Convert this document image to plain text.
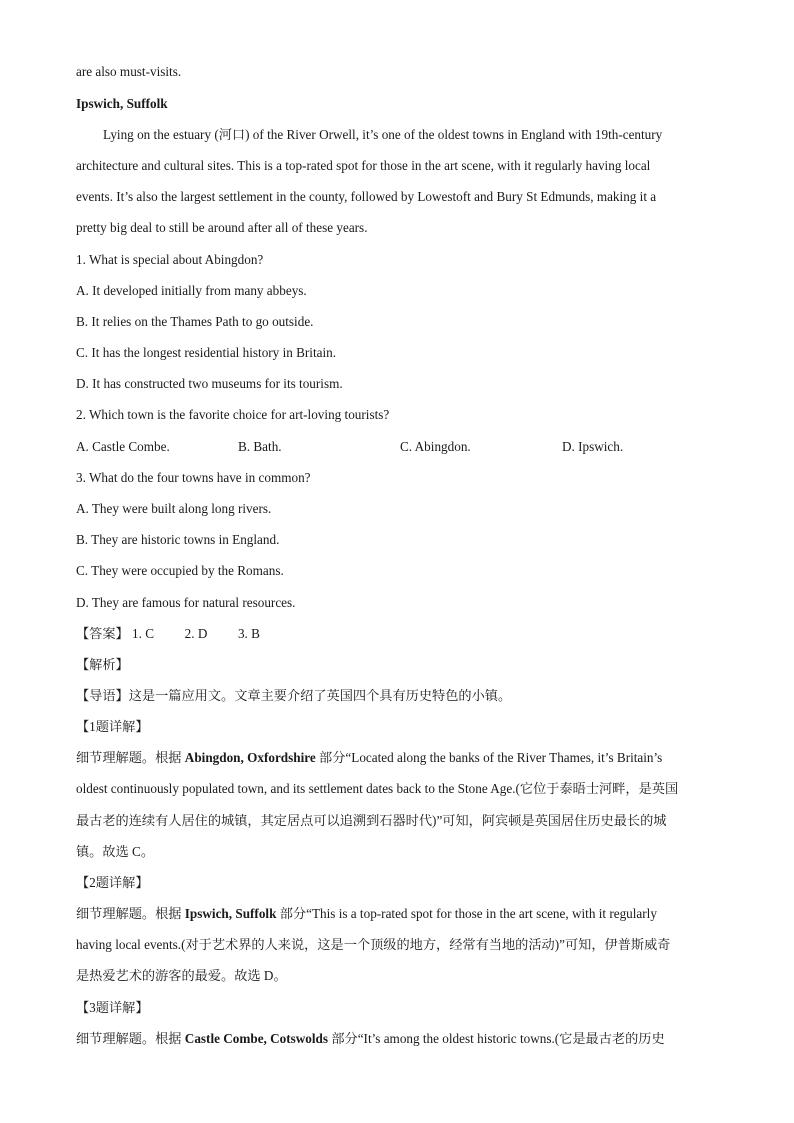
are also must-visits.
Ipswich, Suffolk
Lying on the estuary (河口) of the River Orwell, it’s one of the oldest towns in England with 19th-century
architecture and cultural sites. This is a top-rated spot for those in the art scene, with it regularly having local
events. It’s also the largest settlement in the county, followed by Lowestoft and Bury St Edmunds, making it a
pretty big deal to still be around after all of these years.
1. What is special about Abingdon?
A. It developed initially from many abbeys.
B. It relies on the Thames Path to go outside.
C. It has the longest residential history in Britain.
D. It has constructed two museums for its tourism.
2. Which town is the favorite choice for art-loving tourists?
A. Castle Combe.	B. Bath.	C. Abingdon.	D. Ipswich.
3. What do the four towns have in common?
A. They were built along long rivers.
B. They are historic towns in England.
C. They were occupied by the Romans.
D. They are famous for natural resources.
【答案】 1. C 2. D 3. B
【解析】
【导语】这是一篇应用文。文章主要介绍了英国四个具有历史特色的小镇。
【1题详解】
细节理解题。根据 Abingdon, Oxfordshire 部分“Located along the banks of the River Thames, it’s Britain’s
oldest continuously populated town, and its settlement dates back to the Stone Age.(它位于泰晤士河畔，是英国
最古老的连续有人居住的城镇，其定居点可以追溯到石器时代)”可知，阿宾顿是英国居住历史最长的城
镇。故选 C。
【2题详解】
细节理解题。根据 Ipswich, Suffolk 部分“This is a top-rated spot for those in the art scene, with it regularly
having local events.(对于艺术界的人来说，这是一个顶级的地方，经常有当地的活动)”可知，伊普斯威奇
是热爱艺术的游客的最爱。故选 D。
【3题详解】
细节理解题。根据 Castle Combe, Cotswolds 部分“It’s among the oldest historic towns.(它是最古老的历史
